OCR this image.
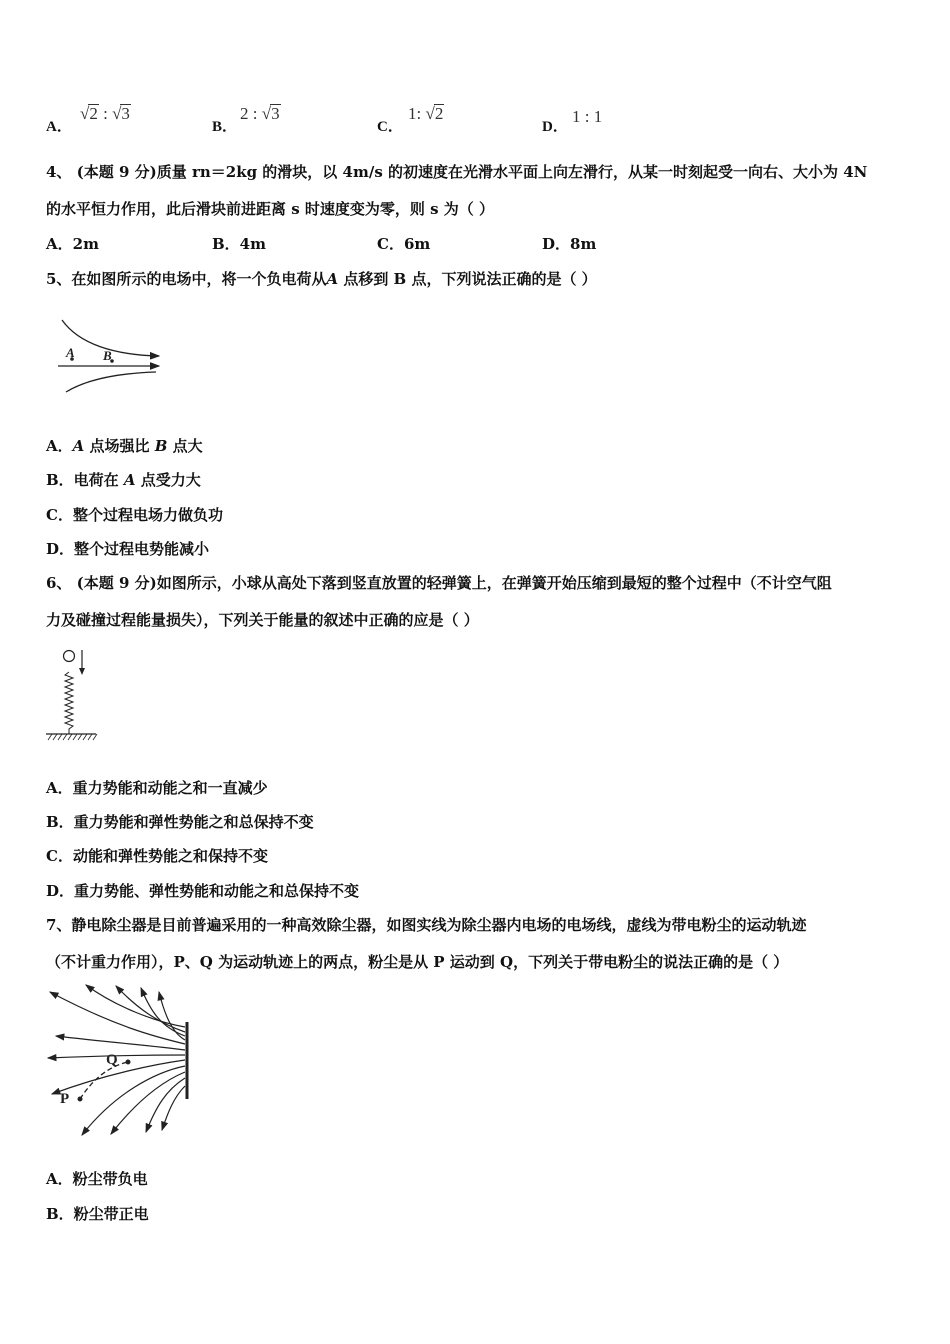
A．
√2 : √3
B．
2 : √3
C．
1: √2
D．
1 : 1
4、 (本题 9 分)质量 rn＝2kg 的滑块，以 4m/s 的初速度在光滑水平面上向左滑行，从某一时刻起受一向右、大小为 4N
的水平恒力作用，此后滑块前进距离 s 时速度变为零，则 s 为（ ）
A．2m	B．4m	C．6m	D．8m
5、在如图所示的电场中，将一个负电荷从A 点移到 B 点，下列说法正确的是（ ）
A B
A．A 点场强比 B 点大
B．电荷在 A 点受力大
C．整个过程电场力做负功
D．整个过程电势能减小
6、 (本题 9 分)如图所示，小球从高处下落到竖直放置的轻弹簧上，在弹簧开始压缩到最短的整个过程中（不计空气阻
力及碰撞过程能量损失），下列关于能量的叙述中正确的应是（ ）
A．重力势能和动能之和一直减少
B．重力势能和弹性势能之和总保持不变
C．动能和弹性势能之和保持不变
D．重力势能、弹性势能和动能之和总保持不变
7、静电除尘器是目前普遍采用的一种高效除尘器，如图实线为除尘器内电场的电场线，虚线为带电粉尘的运动轨迹
（不计重力作用），P、Q 为运动轨迹上的两点，粉尘是从 P 运动到 Q，下列关于带电粉尘的说法正确的是（ ）
P
Q
A．粉尘带负电
B．粉尘带正电
